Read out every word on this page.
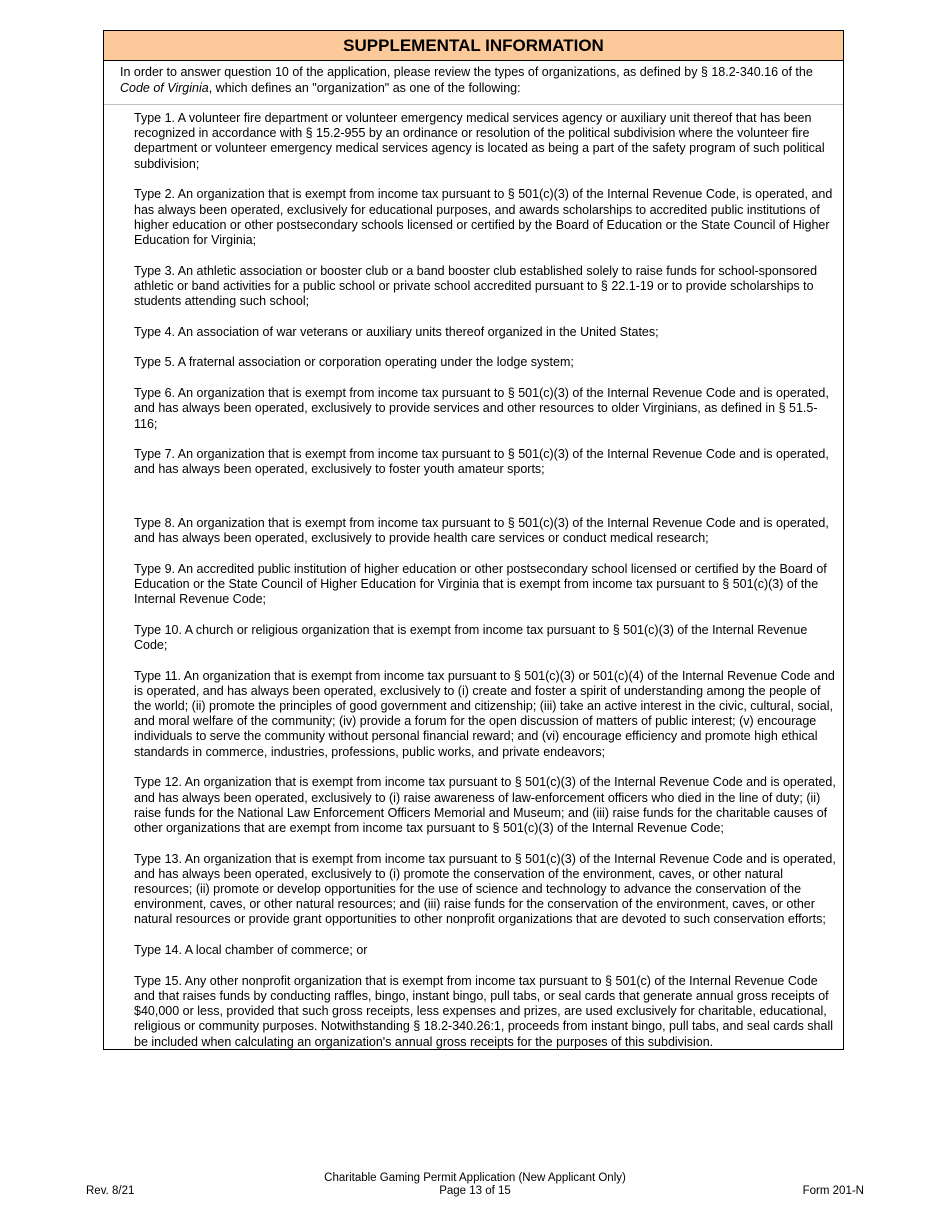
SUPPLEMENTAL INFORMATION
In order to answer question 10 of the application, please review the types of organizations, as defined by § 18.2-340.16 of the
Code of Virginia, which defines an "organization" as one of the following:

Type 1. A volunteer fire department or volunteer emergency medical services agency or auxiliary unit thereof that has been recognized in accordance with § 15.2-955 by an ordinance or resolution of the political subdivision where the volunteer fire department or volunteer emergency medical services agency is located as being a part of the safety program of such political subdivision;

Type 2. An organization that is exempt from income tax pursuant to § 501(c)(3) of the Internal Revenue Code, is operated, and has always been operated, exclusively for educational purposes, and awards scholarships to accredited public institutions of higher education or other postsecondary schools licensed or certified by the Board of Education or the State Council of Higher Education for Virginia;

Type 3. An athletic association or booster club or a band booster club established solely to raise funds for school-sponsored athletic or band activities for a public school or private school accredited pursuant to § 22.1-19 or to provide scholarships to students attending such school;

Type 4. An association of war veterans or auxiliary units thereof organized in the United States;

Type 5. A fraternal association or corporation operating under the lodge system;

Type 6. An organization that is exempt from income tax pursuant to § 501(c)(3) of the Internal Revenue Code and is operated, and has always been operated, exclusively to provide services and other resources to older Virginians, as defined in § 51.5-116;

Type 7. An organization that is exempt from income tax pursuant to § 501(c)(3) of the Internal Revenue Code and is operated, and has always been operated, exclusively to foster youth amateur sports;

Type 8. An organization that is exempt from income tax pursuant to § 501(c)(3) of the Internal Revenue Code and is operated, and has always been operated, exclusively to provide health care services or conduct medical research;

Type 9. An accredited public institution of higher education or other postsecondary school licensed or certified by the Board of Education or the State Council of Higher Education for Virginia that is exempt from income tax pursuant to § 501(c)(3) of the Internal Revenue Code;

Type 10. A church or religious organization that is exempt from income tax pursuant to § 501(c)(3) of the Internal Revenue Code;

Type 11. An organization that is exempt from income tax pursuant to § 501(c)(3) or 501(c)(4) of the Internal Revenue Code and is operated, and has always been operated, exclusively to (i) create and foster a spirit of understanding among the people of the world; (ii) promote the principles of good government and citizenship; (iii) take an active interest in the civic, cultural, social, and moral welfare of the community; (iv) provide a forum for the open discussion of matters of public interest; (v) encourage individuals to serve the community without personal financial reward; and (vi) encourage efficiency and promote high ethical standards in commerce, industries, professions, public works, and private endeavors;

Type 12. An organization that is exempt from income tax pursuant to § 501(c)(3) of the Internal Revenue Code and is operated, and has always been operated, exclusively to (i) raise awareness of law-enforcement officers who died in the line of duty; (ii) raise funds for the National Law Enforcement Officers Memorial and Museum; and (iii) raise funds for the charitable causes of other organizations that are exempt from income tax pursuant to § 501(c)(3) of the Internal Revenue Code;

Type 13. An organization that is exempt from income tax pursuant to § 501(c)(3) of the Internal Revenue Code and is operated, and has always been operated, exclusively to (i) promote the conservation of the environment, caves, or other natural resources; (ii) promote or develop opportunities for the use of science and technology to advance the conservation of the environment, caves, or other natural resources; and (iii) raise funds for the conservation of the environment, caves, or other natural resources or provide grant opportunities to other nonprofit organizations that are devoted to such conservation efforts;

Type 14. A local chamber of commerce; or

Type 15. Any other nonprofit organization that is exempt from income tax pursuant to § 501(c) of the Internal Revenue Code and that raises funds by conducting raffles, bingo, instant bingo, pull tabs, or seal cards that generate annual gross receipts of $40,000 or less, provided that such gross receipts, less expenses and prizes, are used exclusively for charitable, educational, religious or community purposes. Notwithstanding § 18.2-340.26:1, proceeds from instant bingo, pull tabs, and seal cards shall be included when calculating an organization's annual gross receipts for the purposes of this subdivision.

Rev. 8/21
Charitable Gaming Permit Application (New Applicant Only)
Page 13 of 15	Form 201-N
